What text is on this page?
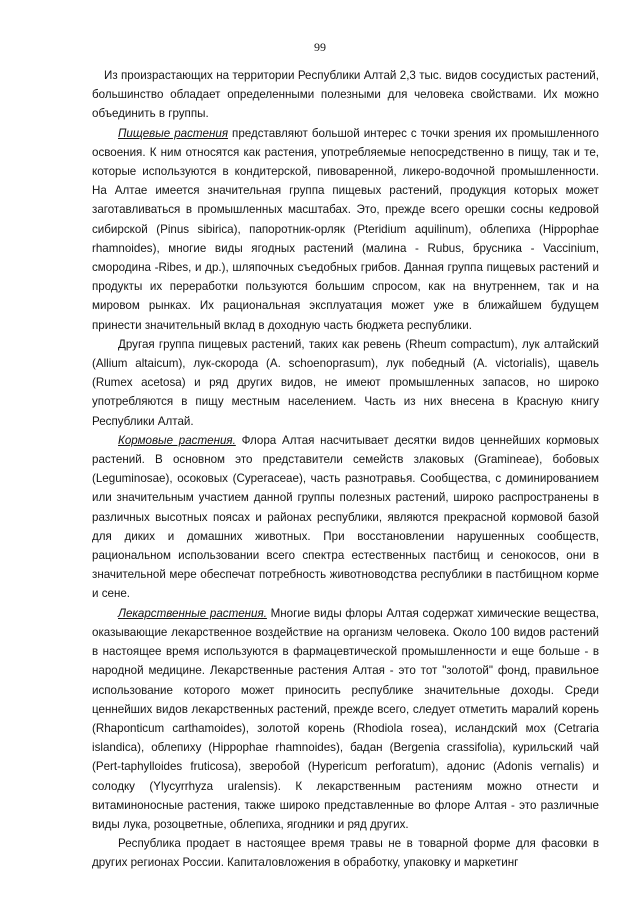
99

Из произрастающих на территории Республики Алтай 2,3 тыс. видов сосудистых растений, большинство обладает определенными полезными для человека свойствами. Их можно объединить в группы.

Пищевые растения представляют большой интерес с точки зрения их промышленного освоения. К ним относятся как растения, употребляемые непосредственно в пищу, так и те, которые используются в кондитерской, пивоваренной, ликеро-водочной промышленности. На Алтае имеется значительная группа пищевых растений, продукция которых может заготавливаться в промышленных масштабах. Это, прежде всего орешки сосны кедровой сибирской (Pinus sibirica), папоротник-орляк (Pteridium aquilinum), облепиха (Hippophae rhamnoides), многие виды ягодных растений (малина - Rubus, брусника - Vaccinium, смородина -Ribes, и др.), шляпочных съедобных грибов. Данная группа пищевых растений и продукты их переработки пользуются большим спросом, как на внутреннем, так и на мировом рынках. Их рациональная эксплуатация может уже в ближайшем будущем принести значительный вклад в доходную часть бюджета республики.

Другая группа пищевых растений, таких как ревень (Rheum compactum), лук алтайский (Allium altaicum), лук-скорода (A. schoenoprasum), лук победный (A. victorialis), щавель (Rumex acetosa) и ряд других видов, не имеют промышленных запасов, но широко употребляются в пищу местным населением. Часть из них внесена в Красную книгу Республики Алтай.

Кормовые растения. Флора Алтая насчитывает десятки видов ценнейших кормовых растений. В основном это представители семейств злаковых (Gramineae), бобовых (Leguminosae), осоковых (Cyperaceae), часть разнотравья. Сообщества, с доминированием или значительным участием данной группы полезных растений, широко распространены в различных высотных поясах и районах республики, являются прекрасной кормовой базой для диких и домашних животных. При восстановлении нарушенных сообществ, рациональном использовании всего спектра естественных пастбищ и сенокосов, они в значительной мере обеспечат потребность животноводства республики в пастбищном корме и сене.

Лекарственные растения. Многие виды флоры Алтая содержат химические вещества, оказывающие лекарственное воздействие на организм человека. Около 100 видов растений в настоящее время используются в фармацевтической промышленности и еще больше - в народной медицине. Лекарственные растения Алтая - это тот "золотой" фонд, правильное использование которого может приносить республике значительные доходы. Среди ценнейших видов лекарственных растений, прежде всего, следует отметить маралий корень (Rhaponticum carthamoides), золотой корень (Rhodiola rosea), исландский мох (Cetraria islandica), облепиху (Hippophae rhamnoides), бадан (Bergenia crassifolia), курильский чай (Pert-taphylloides fruticosa), зверобой (Hypericum perforatum), адонис (Adonis vernalis) и солодку (Ylycyrrhyza uralensis). К лекарственным растениям можно отнести и витаминоносные растения, также широко представленные во флоре Алтая - это различные виды лука, розоцветные, облепиха, ягодники и ряд других.

Республика продает в настоящее время травы не в товарной форме для фасовки в других регионах России. Капиталовложения в обработку, упаковку и маркетинг
